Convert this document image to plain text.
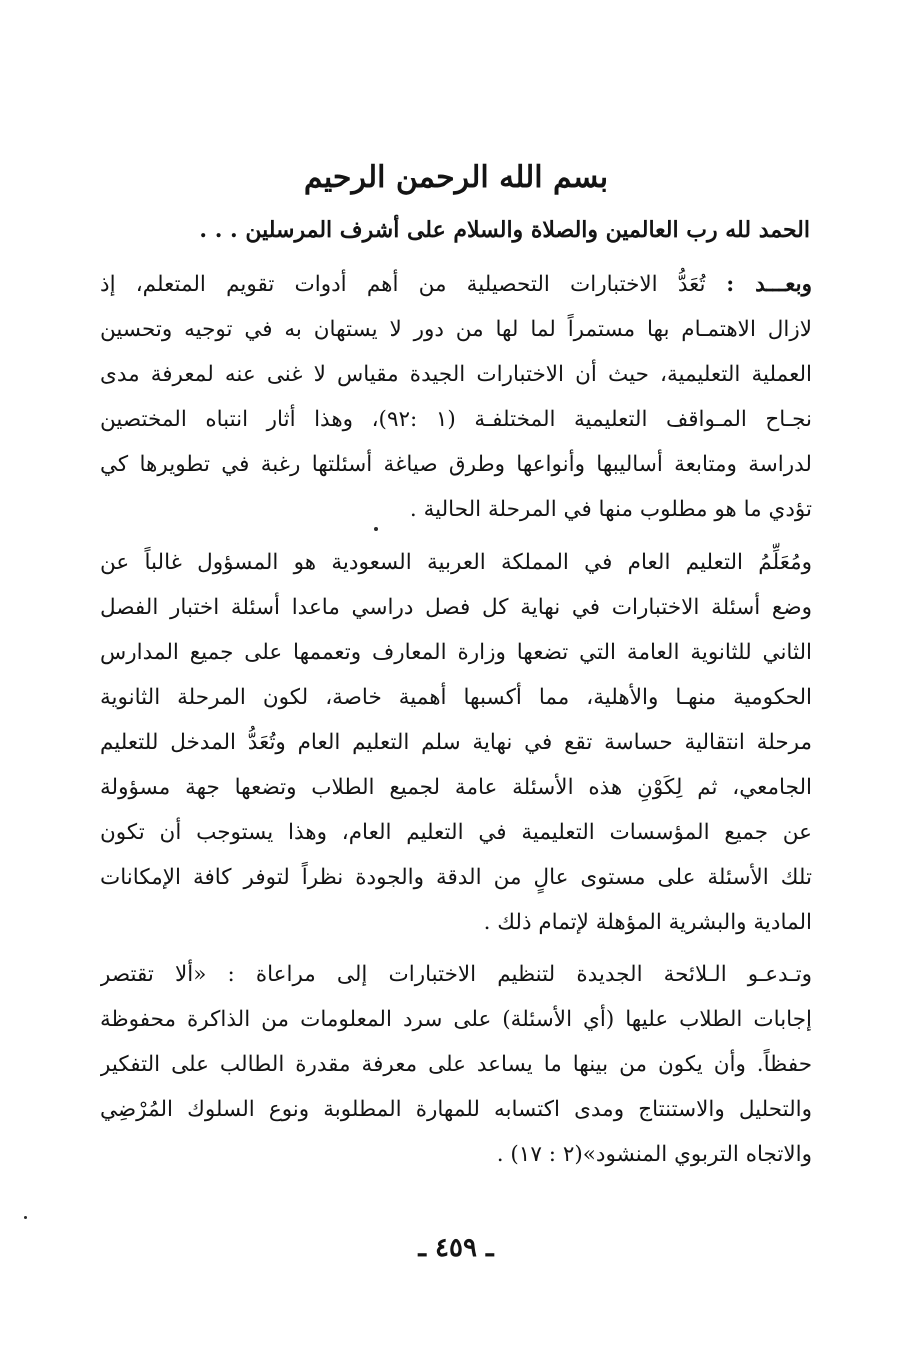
بسم الله الرحمن الرحيم

الحمد لله رب العالمين والصلاة والسلام على أشرف المرسلين . . .

وبعـــد : تُعَدُّ الاختبارات التحصيلية من أهم أدوات تقويم المتعلم، إذ
لازال الاهتمـام بها مستمراً لما لها من دور لا يستهان به في توجيه وتحسين
العملية التعليمية، حيث أن الاختبارات الجيدة مقياس لا غنى عنه لمعرفة مدى
نجـاح المـواقف التعليمية المختلفـة (١ :٩٢)، وهذا أثار انتباه المختصين
لدراسة ومتابعة أساليبها وأنواعها وطرق صياغة أسئلتها رغبة في تطويرها كي
تؤدي ما هو مطلوب منها في المرحلة الحالية .
ومُعَلِّمُ التعليم العام في المملكة العربية السعودية هو المسؤول غالباً عن
وضع أسئلة الاختبارات في نهاية كل فصل دراسي ماعدا أسئلة اختبار الفصل
الثاني للثانوية العامة التي تضعها وزارة المعارف وتعممها على جميع المدارس
الحكومية منهـا والأهلية، مما أكسبها أهمية خاصة، لكون المرحلة الثانوية
مرحلة انتقالية حساسة تقع في نهاية سلم التعليم العام وتُعَدُّ المدخل للتعليم
الجامعي، ثم لِكَوْنِ هذه الأسئلة عامة لجميع الطلاب وتضعها جهة مسؤولة
عن جميع المؤسسات التعليمية في التعليم العام، وهذا يستوجب أن تكون
تلك الأسئلة على مستوى عالٍ من الدقة والجودة نظراً لتوفر كافة الإمكانات
المادية والبشرية المؤهلة لإتمام ذلك .
وتـدعـو الـلائحة الجديدة لتنظيم الاختبارات إلى مراعاة : «ألا تقتصر
إجابات الطلاب عليها (أي الأسئلة) على سرد المعلومات من الذاكرة محفوظة
حفظاً. وأن يكون من بينها ما يساعد على معرفة مقدرة الطالب على التفكير
والتحليل والاستنتاج ومدى اكتسابه للمهارة المطلوبة ونوع السلوك المُرْضِي
والاتجاه التربوي المنشود»(٢ : ١٧) .
ـ ٤٥٩ ـ
